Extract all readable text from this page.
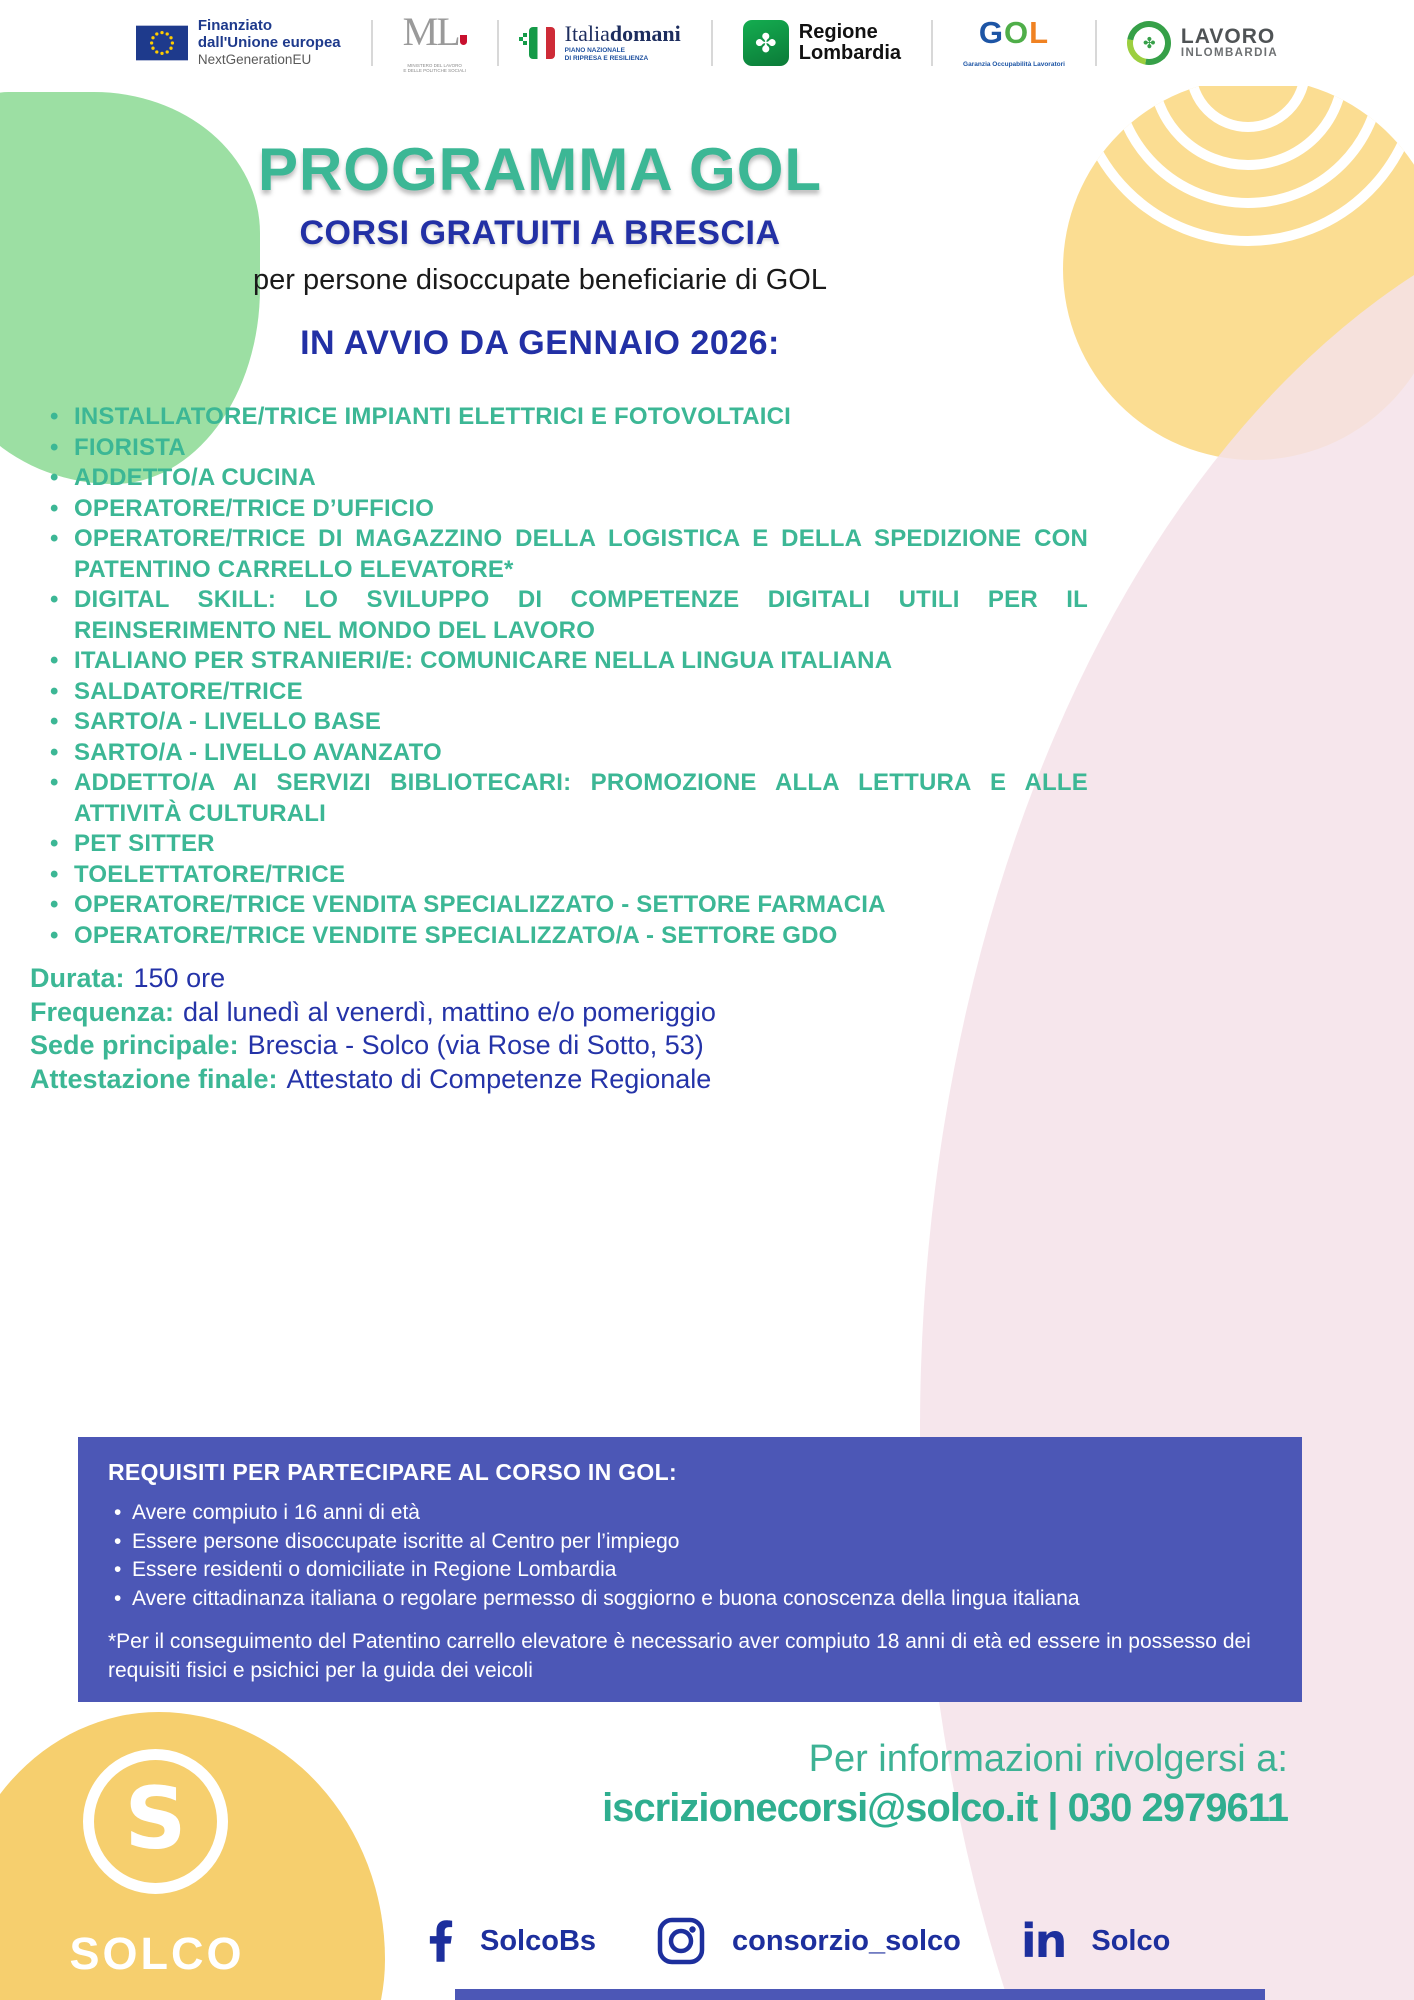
Finanziato
dall'Unione europea
NextGenerationEU
ML
MINISTERO DEL LAVORO
E DELLE POLITICHE SOCIALI
Italiadomani
PIANO NAZIONALE
DI RIPRESA E RESILIENZA
✤
Regione
Lombardia
GOL
Garanzia Occupabilità Lavoratori
✤
LAVORO
INLOMBARDIA
PROGRAMMA GOL
CORSI GRATUITI A BRESCIA
per persone disoccupate beneficiarie di GOL
IN AVVIO DA GENNAIO 2026:
• INSTALLATORE/TRICE IMPIANTI ELETTRICI E FOTOVOLTAICI
• FIORISTA
• ADDETTO/A CUCINA
• OPERATORE/TRICE D’UFFICIO
• OPERATORE/TRICE DI MAGAZZINO DELLA LOGISTICA E DELLA SPEDIZIONE CON PATENTINO CARRELLO ELEVATORE*
• DIGITAL SKILL: LO SVILUPPO DI COMPETENZE DIGITALI UTILI PER IL REINSERIMENTO NEL MONDO DEL LAVORO
• ITALIANO PER STRANIERI/E: COMUNICARE NELLA LINGUA ITALIANA
• SALDATORE/TRICE
• SARTO/A - LIVELLO BASE
• SARTO/A - LIVELLO AVANZATO
• ADDETTO/A AI SERVIZI BIBLIOTECARI: PROMOZIONE ALLA LETTURA E ALLE ATTIVITÀ CULTURALI
• PET SITTER
• TOELETTATORE/TRICE
• OPERATORE/TRICE VENDITA SPECIALIZZATO - SETTORE FARMACIA
• OPERATORE/TRICE VENDITE SPECIALIZZATO/A - SETTORE GDO
Durata: 150 ore
Frequenza: dal lunedì al venerdì, mattino e/o pomeriggio
Sede principale: Brescia - Solco (via Rose di Sotto, 53)
Attestazione finale: Attestato di Competenze Regionale
REQUISITI PER PARTECIPARE AL CORSO IN GOL:
• Avere compiuto i 16 anni di età
• Essere persone disoccupate iscritte al Centro per l’impiego
• Essere residenti o domiciliate in Regione Lombardia
• Avere cittadinanza italiana o regolare permesso di soggiorno e buona conoscenza della lingua italiana
*Per il conseguimento del Patentino carrello elevatore è necessario aver compiuto 18 anni di età ed essere in possesso dei requisiti fisici e psichici per la guida dei veicoli
Per informazioni rivolgersi a:
iscrizionecorsi@solco.it | 030 2979611
S
SOLCO	SolcoBs	consorzio_solco in Solco
